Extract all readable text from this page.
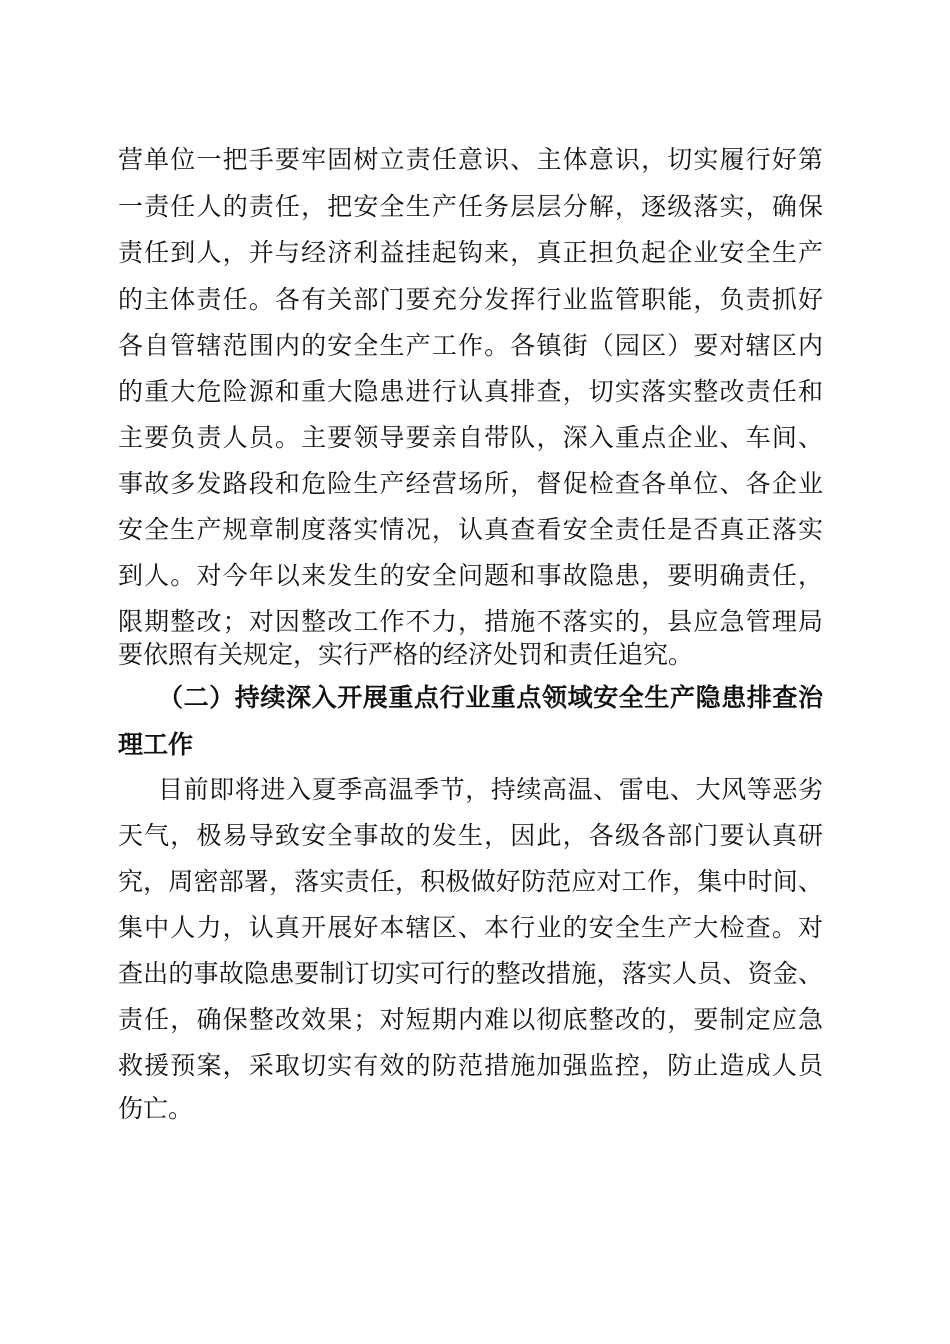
营单位一把手要牢固树立责任意识、主体意识，切实履行好第
一责任人的责任，把安全生产任务层层分解，逐级落实，确保
责任到人，并与经济利益挂起钩来，真正担负起企业安全生产
的主体责任。各有关部门要充分发挥行业监管职能，负责抓好
各自管辖范围内的安全生产工作。各镇街（园区）要对辖区内
的重大危险源和重大隐患进行认真排查，切实落实整改责任和
主要负责人员。主要领导要亲自带队，深入重点企业、车间、
事故多发路段和危险生产经营场所，督促检查各单位、各企业
安全生产规章制度落实情况，认真查看安全责任是否真正落实
到人。对今年以来发生的安全问题和事故隐患，要明确责任，
限期整改；对因整改工作不力，措施不落实的，县应急管理局
要依照有关规定，实行严格的经济处罚和责任追究。
（二）持续深入开展重点行业重点领域安全生产隐患排查治
理工作
目前即将进入夏季高温季节，持续高温、雷电、大风等恶劣
天气，极易导致安全事故的发生，因此，各级各部门要认真研
究，周密部署，落实责任，积极做好防范应对工作，集中时间、
集中人力，认真开展好本辖区、本行业的安全生产大检查。对
查出的事故隐患要制订切实可行的整改措施，落实人员、资金、
责任，确保整改效果；对短期内难以彻底整改的，要制定应急
救援预案，采取切实有效的防范措施加强监控，防止造成人员
伤亡。
